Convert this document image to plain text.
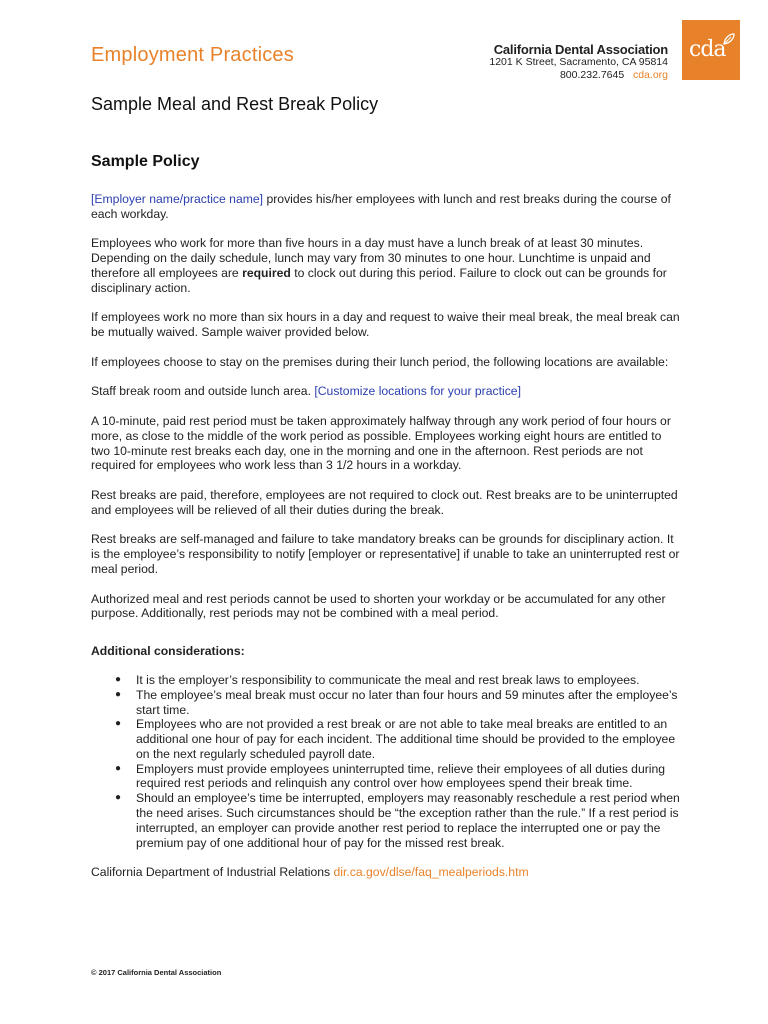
Employment Practices	California Dental Association
1201 K Street, Sacramento, CA 95814
800.232.7645 cda.org
cda
Sample Meal and Rest Break Policy
Sample Policy

[Employer name/practice name] provides his/her employees with lunch and rest breaks during the course of each workday.

Employees who work for more than five hours in a day must have a lunch break of at least 30 minutes. Depending on the daily schedule, lunch may vary from 30 minutes to one hour. Lunchtime is unpaid and therefore all employees are required to clock out during this period. Failure to clock out can be grounds for disciplinary action.

If employees work no more than six hours in a day and request to waive their meal break, the meal break can be mutually waived. Sample waiver provided below.

If employees choose to stay on the premises during their lunch period, the following locations are available:

Staff break room and outside lunch area. [Customize locations for your practice]

A 10-minute, paid rest period must be taken approximately halfway through any work period of four hours or more, as close to the middle of the work period as possible. Employees working eight hours are entitled to two 10-minute rest breaks each day, one in the morning and one in the afternoon. Rest periods are not required for employees who work less than 3 1/2 hours in a workday.

Rest breaks are paid, therefore, employees are not required to clock out. Rest breaks are to be uninterrupted and employees will be relieved of all their duties during the break.

Rest breaks are self-managed and failure to take mandatory breaks can be grounds for disciplinary action. It is the employee’s responsibility to notify [employer or representative] if unable to take an uninterrupted rest or meal period.

Authorized meal and rest periods cannot be used to shorten your workday or be accumulated for any other purpose. Additionally, rest periods may not be combined with a meal period.

Additional considerations:
● It is the employer’s responsibility to communicate the meal and rest break laws to employees.
● The employee’s meal break must occur no later than four hours and 59 minutes after the employee’s start time.
● Employees who are not provided a rest break or are not able to take meal breaks are entitled to an additional one hour of pay for each incident. The additional time should be provided to the employee on the next regularly scheduled payroll date.
● Employers must provide employees uninterrupted time, relieve their employees of all duties during required rest periods and relinquish any control over how employees spend their break time.
● Should an employee’s time be interrupted, employers may reasonably reschedule a rest period when the need arises. Such circumstances should be “the exception rather than the rule.” If a rest period is interrupted, an employer can provide another rest period to replace the interrupted one or pay the premium pay of one additional hour of pay for the missed rest break.

California Department of Industrial Relations dir.ca.gov/dlse/faq_mealperiods.htm

© 2017 California Dental Association
